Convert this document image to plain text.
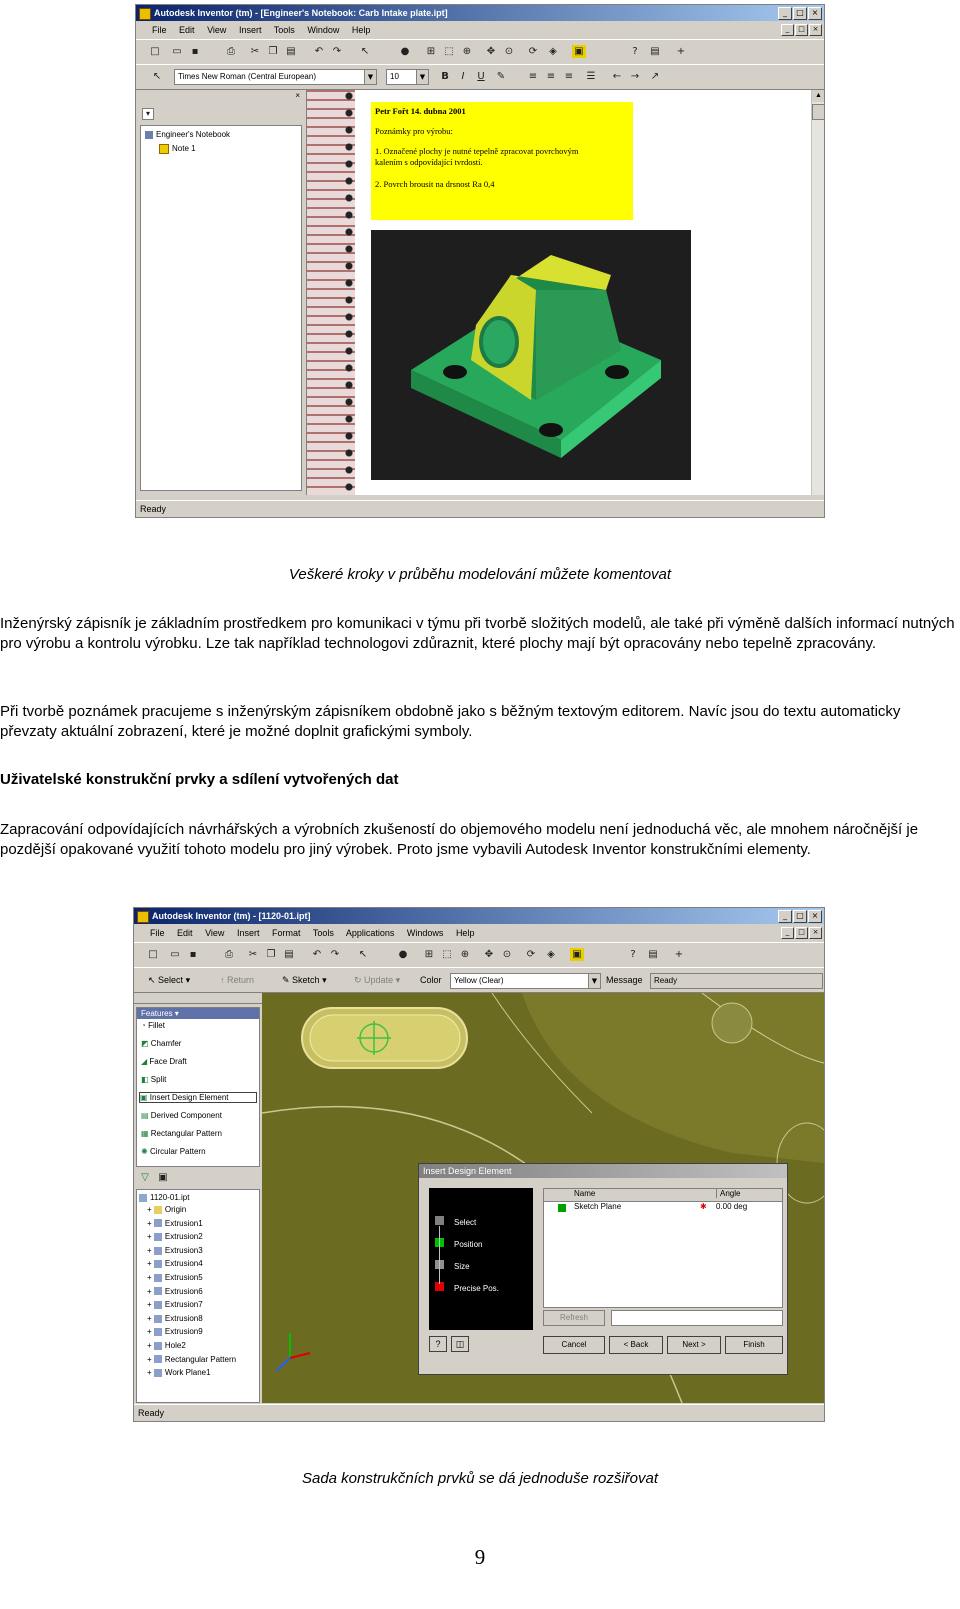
Autodesk Inventor (tm) - [Engineer's Notebook: Carb Intake plate.ipt]	_	□ ×
File Edit View Insert Tools Window Help	_	□	×
□ ▭ ▪	⎙	✂ ❐ ▤ ↶ ↷ ↖	● ⊞ ⬚ ⊕ ✥ ⊙ ⟳	◈	▣	?	▤ +
↖	Times New Roman (Central European)	▼	10	▼	B	I	U	✎ ≡ ≡ ≡ ☰ ← → ↗
▾
×
Engineer's Notebook
Note 1
Petr Fořt 14. dubna 2001
Poznámky pro výrobu:
1. Označené plochy je nutné tepelně zpracovat povrchovým kalením s odpovídající tvrdostí.
2. Povrch brousit na drsnost Ra 0,4
▲
Ready
Veškeré kroky v průběhu modelování můžete komentovat

Inženýrský zápisník je základním prostředkem pro komunikaci v týmu při tvorbě složitých modelů, ale také při výměně dalších informací nutných pro výrobu a kontrolu výrobku. Lze tak například technologovi zdůraznit, které plochy mají být opracovány nebo tepelně zpracovány.

Při tvorbě poznámek pracujeme s inženýrským zápisníkem obdobně jako s běžným textovým editorem. Navíc jsou do textu automaticky převzaty aktuální zobrazení, které je možné doplnit grafickými symboly.

Uživatelské konstrukční prvky a sdílení vytvořených dat

Zapracování odpovídajících návrhářských a výrobních zkušeností do objemového modelu není jednoduchá věc, ale mnohem náročnější je pozdější opakované využití tohoto modelu pro jiný výrobek. Proto jsme vybavili Autodesk Inventor konstrukčními elementy.

Autodesk Inventor (tm) - [1120-01.ipt]	_	□ ×
File Edit View Insert Format Tools Applications Windows Help	_	□	×
□ ▭ ▪	⎙	✂ ❐ ▤ ↶ ↷ ↖	● ⊞ ⬚ ⊕ ✥ ⊙ ⟳	◈	▣	?	▤ +
↖ Select ▾	↑ Return	✎ Sketch ▾	↻ Update ▾ Color	Yellow (Clear)	▼ Message	Ready
Features ▾
◔ Fillet
◩ Chamfer
◢ Face Draft
◧ Split
▣ Insert Design Element
▤ Derived Component
▦ Rectangular Pattern
✺ Circular Pattern
▽ ▣
1120-01.ipt
+ Origin
+ Extrusion1
+ Extrusion2
+ Extrusion3
+ Extrusion4
+ Extrusion5
+ Extrusion6
+ Extrusion7
+ Extrusion8
+ Extrusion9
+ Hole2
+ Rectangular Pattern
+ Work Plane1
Insert Design Element
Select
Position
Size
Precise Pos.
Name	Angle
Sketch Plane	✱ 0.00 deg
Refresh
?	◫	Cancel	< Back	Next >	Finish
Ready
Sada konstrukčních prvků se dá jednoduše rozšiřovat
9
